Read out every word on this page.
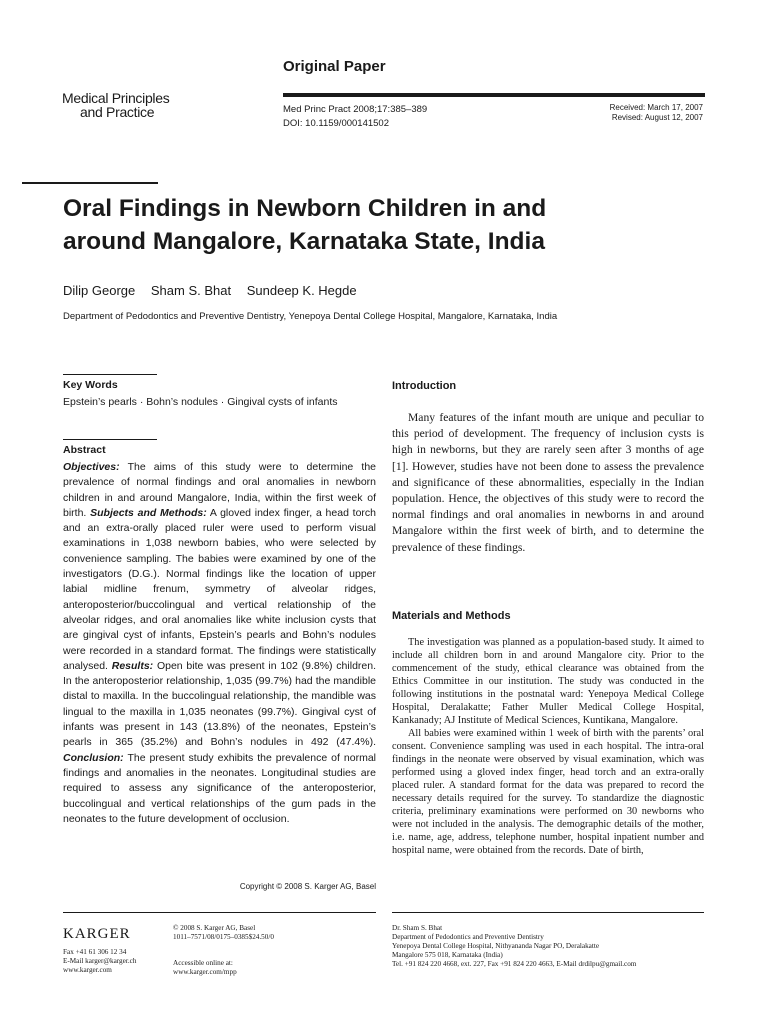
Original Paper
Medical Principles
and Practice	Med Princ Pract 2008;17:385–389
DOI: 10.1159/000141502
Received: March 17, 2007
Revised: August 12, 2007
Oral Findings in Newborn Children in and
around Mangalore, Karnataka State, India
Dilip George Sham S. Bhat Sundeep K. Hegde
Department of Pedodontics and Preventive Dentistry, Yenepoya Dental College Hospital, Mangalore, Karnataka, India
Key Words
Epstein’s pearls · Bohn’s nodules · Gingival cysts of infants
Abstract
Objectives: The aims of this study were to determine the prevalence of normal findings and oral anomalies in newborn children in and around Mangalore, India, within the first week of birth. Subjects and Methods: A gloved index finger, a head torch and an extra-orally placed ruler were used to perform visual examinations in 1,038 newborn babies, who were selected by convenience sampling. The babies were examined by one of the investigators (D.G.). Normal findings like the location of upper labial midline frenum, symmetry of alveolar ridges, anteroposterior/buccolingual and vertical relationship of the alveolar ridges, and oral anomalies like white inclusion cysts that are gingival cyst of infants, Epstein’s pearls and Bohn’s nodules were recorded in a standard format. The findings were statistically analysed. Results: Open bite was present in 102 (9.8%) children. In the anteroposterior relationship, 1,035 (99.7%) had the mandible distal to maxilla. In the buccolingual relationship, the mandible was lingual to the maxilla in 1,035 neonates (99.7%). Gingival cyst of infants was present in 143 (13.8%) of the neonates, Epstein’s pearls in 365 (35.2%) and Bohn’s nodules in 492 (47.4%). Conclusion: The present study exhibits the prevalence of normal findings and anomalies in the neonates. Longitudinal studies are required to assess any significance of the anteroposterior, buccolingual and vertical relationships of the gum pads in the neonates to the future development of occlusion.
Copyright © 2008 S. Karger AG, Basel
Introduction
Many features of the infant mouth are unique and peculiar to this period of development. The frequency of inclusion cysts is high in newborns, but they are rarely seen after 3 months of age [1]. However, studies have not been done to assess the prevalence and significance of these abnormalities, especially in the Indian population. Hence, the objectives of this study were to record the normal findings and oral anomalies in newborns in and around Mangalore within the first week of birth, and to determine the prevalence of these findings.
Materials and Methods

The investigation was planned as a population-based study. It aimed to include all children born in and around Mangalore city. Prior to the commencement of the study, ethical clearance was obtained from the Ethics Committee in our institution. The study was conducted in the following institutions in the postnatal ward: Yenepoya Medical College Hospital, Deralakatte; Father Muller Medical College Hospital, Kankanady; AJ Institute of Medical Sciences, Kuntikana, Mangalore.

All babies were examined within 1 week of birth with the parents’ oral consent. Convenience sampling was used in each hospital. The intra-oral findings in the neonate were observed by visual examination, which was performed using a gloved index finger, head torch and an extra-orally placed ruler. A standard format for the data was prepared to record the necessary details required for the survey. To standardize the diagnostic criteria, preliminary examinations were performed on 30 newborns who were not included in the analysis. The demographic details of the mother, i.e. name, age, address, telephone number, hospital inpatient number and hospital name, were obtained from the records. Date of birth,

KARGER
Fax +41 61 306 12 34
E-Mail karger@karger.ch
www.karger.com
© 2008 S. Karger AG, Basel
1011–7571/08/0175–0385$24.50/0
Accessible online at:
www.karger.com/mpp
Dr. Sham S. Bhat
Department of Pedodontics and Preventive Dentistry
Yenepoya Dental College Hospital, Nithyananda Nagar PO, Deralakatte
Mangalore 575 018, Karnataka (India)
Tel. +91 824 220 4668, ext. 227, Fax +91 824 220 4663, E-Mail drdilpu@gmail.com
